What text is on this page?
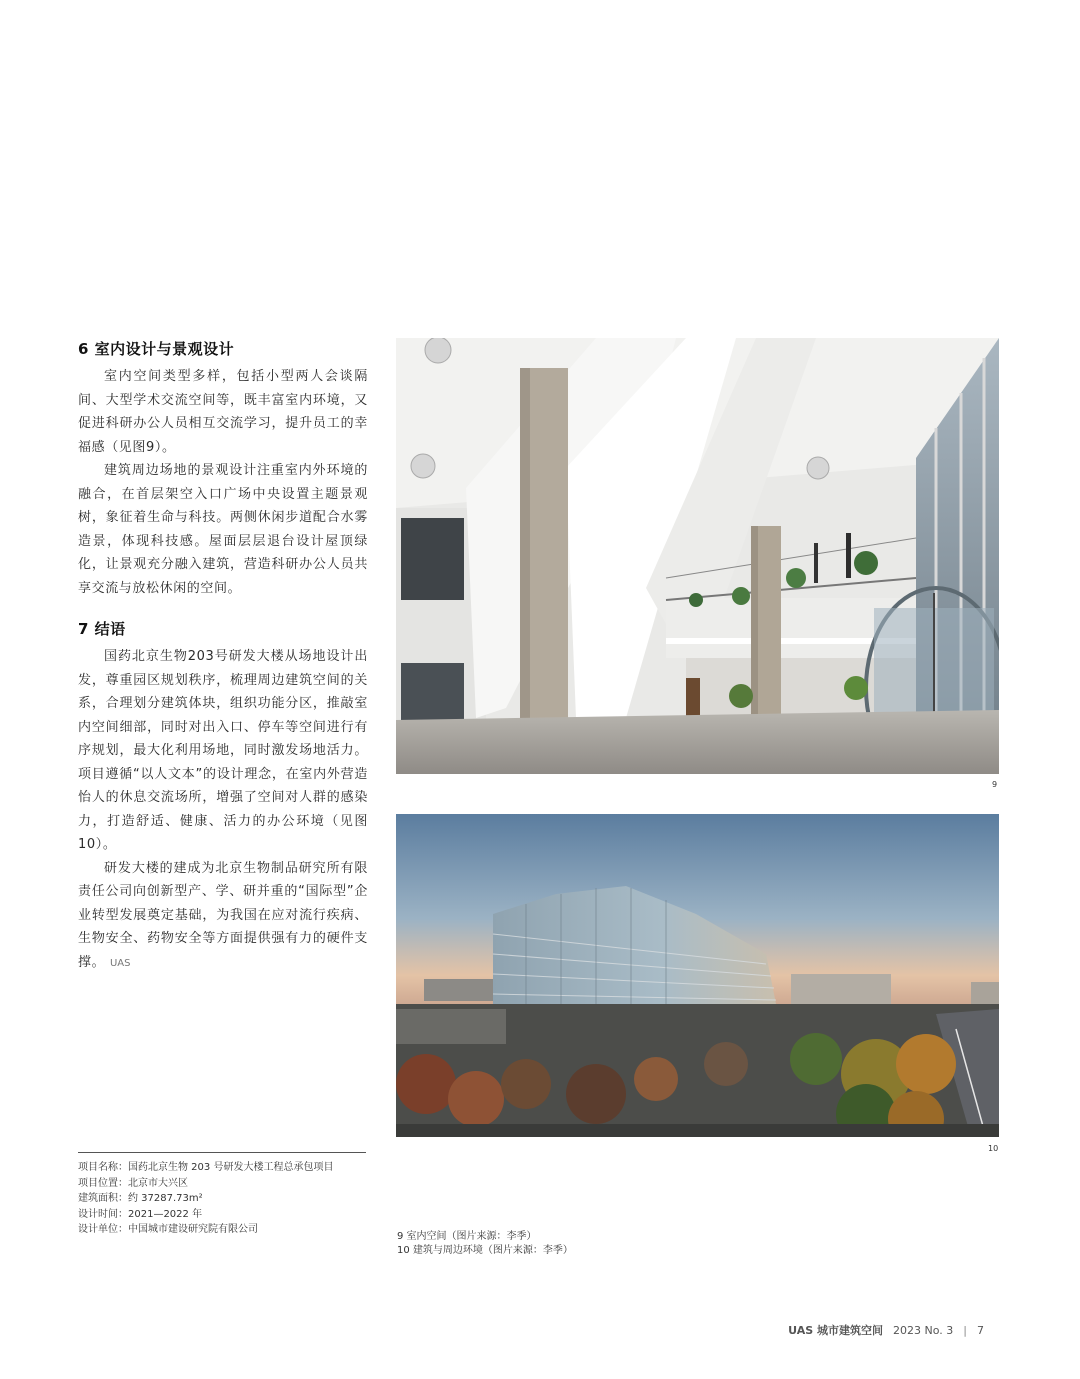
6 室内设计与景观设计

室内空间类型多样，包括小型两人会谈隔间、大型学术交流空间等，既丰富室内环境，又促进科研办公人员相互交流学习，提升员工的幸福感（见图9）。

建筑周边场地的景观设计注重室内外环境的融合，在首层架空入口广场中央设置主题景观树，象征着生命与科技。两侧休闲步道配合水雾造景，体现科技感。屋面层层退台设计屋顶绿化，让景观充分融入建筑，营造科研办公人员共享交流与放松休闲的空间。

7 结语

国药北京生物203号研发大楼从场地设计出发，尊重园区规划秩序，梳理周边建筑空间的关系，合理划分建筑体块，组织功能分区，推敲室内空间细部，同时对出入口、停车等空间进行有序规划，最大化利用场地，同时激发场地活力。项目遵循“以人文本”的设计理念，在室内外营造怡人的休息交流场所，增强了空间对人群的感染力，打造舒适、健康、活力的办公环境（见图10）。

研发大楼的建成为北京生物制品研究所有限责任公司向创新型产、学、研并重的“国际型”企业转型发展奠定基础，为我国在应对流行疾病、生物安全、药物安全等方面提供强有力的硬件支撑。 UAS

项目名称：国药北京生物 203 号研发大楼工程总承包项目
项目位置：北京市大兴区
建筑面积：约 37287.73m²
设计时间：2021—2022 年
设计单位：中国城市建设研究院有限公司
9
10
9 室内空间（图片来源：李季）
10 建筑与周边环境（图片来源：李季）
UAS 城市建筑空间 2023 No. 3 | 7
